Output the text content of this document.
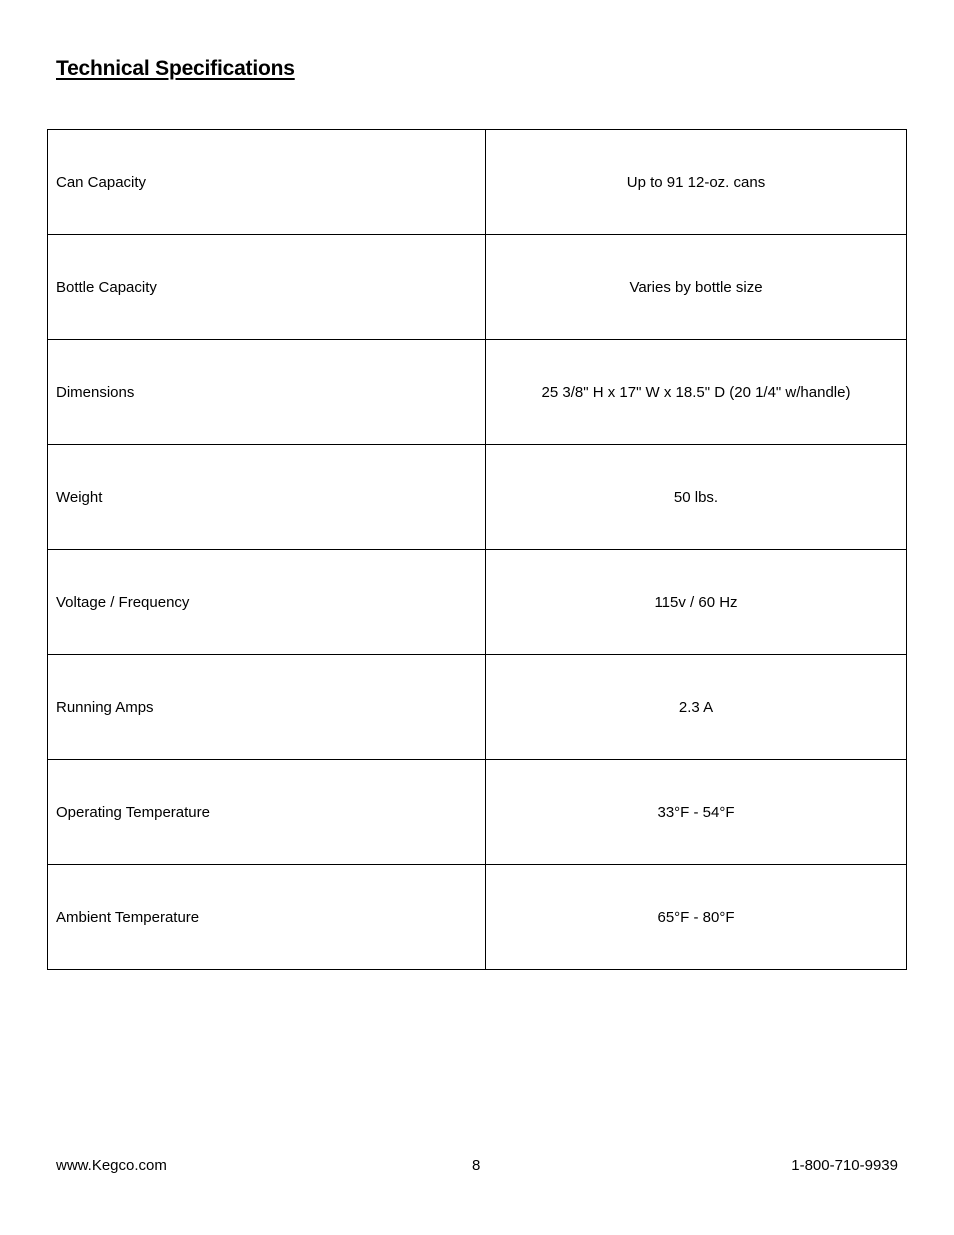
Technical Specifications
Can Capacity	Up to 91 12-oz. cans
Bottle Capacity	Varies by bottle size
Dimensions	25 3/8" H x 17" W x 18.5" D (20 1/4" w/handle)
Weight	50 lbs.
Voltage / Frequency	115v / 60 Hz
Running Amps	2.3 A
Operating Temperature	33°F - 54°F
Ambient Temperature	65°F - 80°F
www.Kegco.com	8	1-800-710-9939
